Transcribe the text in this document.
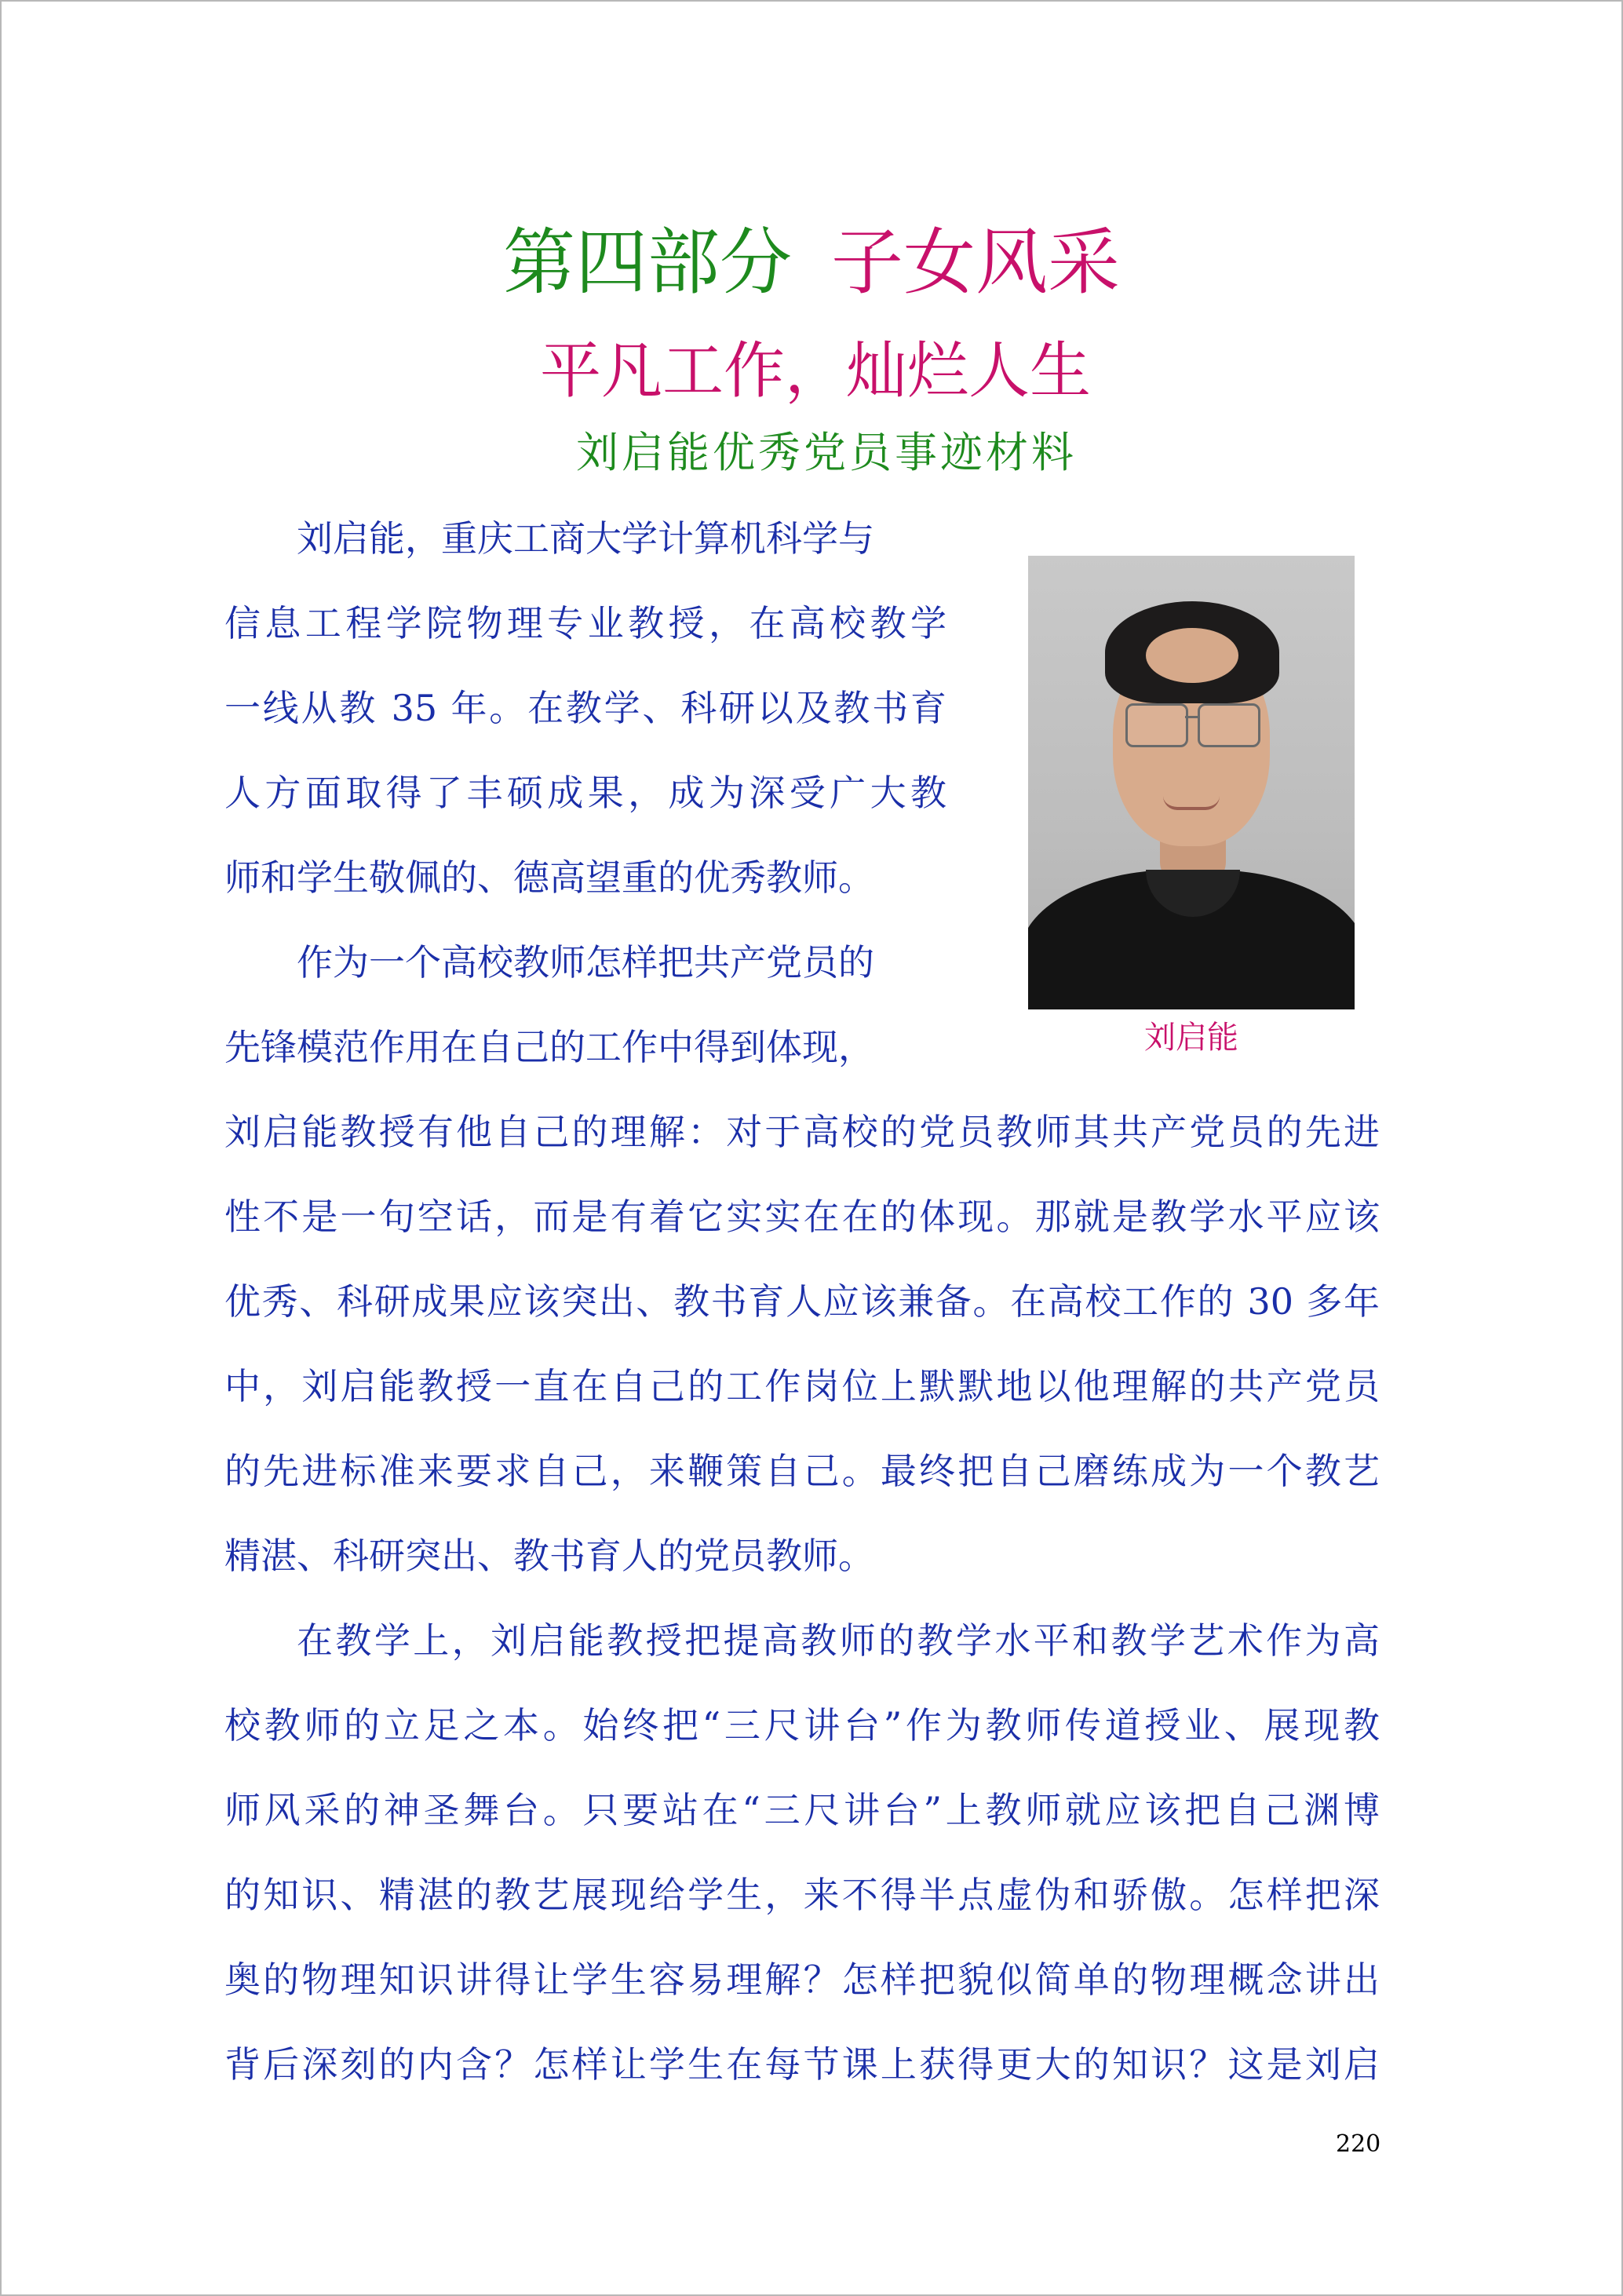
第四部分 子女风采
平凡工作，灿烂人生
刘启能优秀党员事迹材料
刘启能，重庆工商大学计算机科学与
信息工程学院物理专业教授，在高校教学
一线从教 35 年。在教学、科研以及教书育
人方面取得了丰硕成果，成为深受广大教
师和学生敬佩的、德高望重的优秀教师。
作为一个高校教师怎样把共产党员的
先锋模范作用在自己的工作中得到体现，	刘启能
刘启能教授有他自己的理解：对于高校的党员教师其共产党员的先进
性不是一句空话，而是有着它实实在在的体现。那就是教学水平应该
优秀、科研成果应该突出、教书育人应该兼备。在高校工作的 30 多年
中，刘启能教授一直在自己的工作岗位上默默地以他理解的共产党员
的先进标准来要求自己，来鞭策自己。最终把自己磨练成为一个教艺
精湛、科研突出、教书育人的党员教师。
在教学上，刘启能教授把提高教师的教学水平和教学艺术作为高
校教师的立足之本。始终把“三尺讲台”作为教师传道授业、展现教
师风采的神圣舞台。只要站在“三尺讲台”上教师就应该把自己渊博
的知识、精湛的教艺展现给学生，来不得半点虚伪和骄傲。怎样把深
奥的物理知识讲得让学生容易理解？怎样把貌似简单的物理概念讲出
背后深刻的内含？怎样让学生在每节课上获得更大的知识？这是刘启
220
